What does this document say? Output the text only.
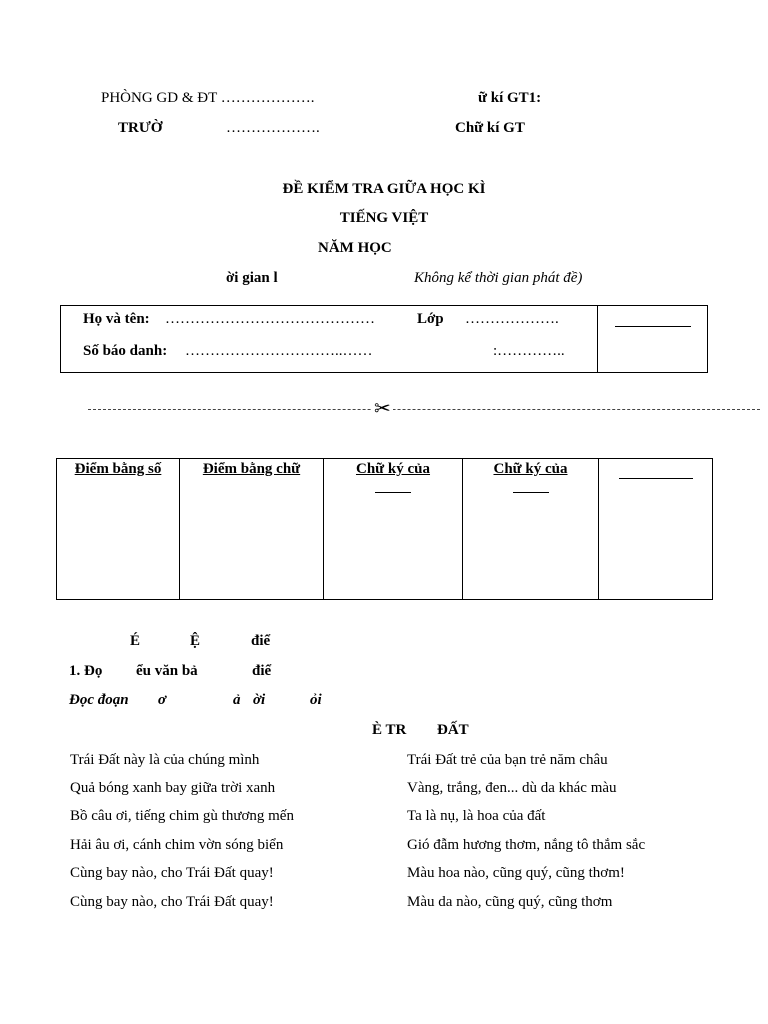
PHÒNG GD & ĐT ……………….
TRƯỜ	……………….
ữ kí GT1:
Chữ kí GT
ĐỀ KIỂM TRA GIỮA HỌC KÌ
TIẾNG VIỆT
NĂM HỌC
ời gian l	Không kể thời gian phát đề)
Họ và tên: ……………………………………	Lớp ……………….
Số báo danh: …………………………..……	:…………..
✂
Điểm bằng số	Điểm bằng chữ	Chữ ký của	Chữ ký của

É	Ệ	điể
1. Đọ ểu văn bả	điể
Đọc đoạn ơ	ả ời	ỏi
È TR ĐẤT
Trái Đất này là của chúng mình
Quả bóng xanh bay giữa trời xanh
Bồ câu ơi, tiếng chim gù thương mến
Hải âu ơi, cánh chim vờn sóng biển
Cùng bay nào, cho Trái Đất quay!
Cùng bay nào, cho Trái Đất quay!
Trái Đất trẻ của bạn trẻ năm châu
Vàng, trắng, đen... dù da khác màu
Ta là nụ, là hoa của đất
Gió đẫm hương thơm, nắng tô thắm sắc
Màu hoa nào, cũng quý, cũng thơm!
Màu da nào, cũng quý, cũng thơm
